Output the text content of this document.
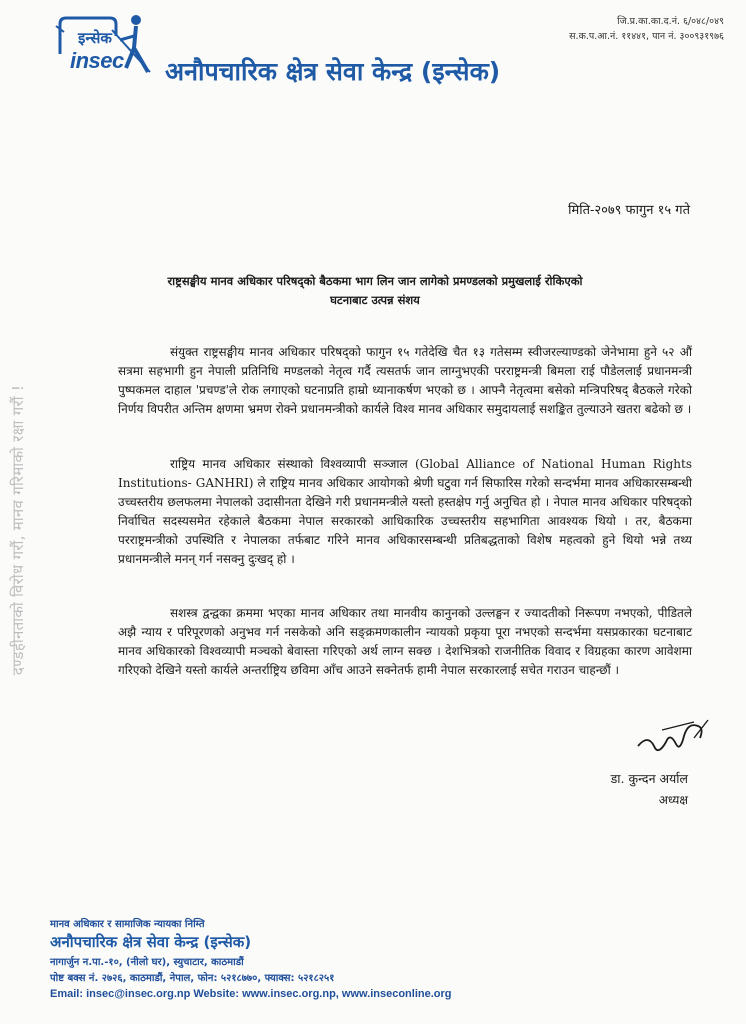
इन्सेक
insec अनौपचारिक क्षेत्र सेवा केन्द्र (इन्सेक)
जि.प्र.का.का.द.नं. ६/०४८/०४९
स.क.प.आ.नं. ११४४१, पान नं. ३००९३१९७६
दण्डहीनताको विरोध गरौं, मानव गरिमाको रक्षा गरौं !
मिति-२०७९ फागुन १५ गते
राष्ट्रसङ्घीय मानव अधिकार परिषद्को बैठकमा भाग लिन जान लागेको प्रमण्डलको प्रमुखलाई रोकिएको
घटनाबाट उत्पन्न संशय

संयुक्त राष्ट्रसङ्घीय मानव अधिकार परिषद्को फागुन १५ गतेदेखि चैत १३ गतेसम्म स्वीजरल्याण्डको जेनेभामा हुने ५२ औं सत्रमा सहभागी हुन नेपाली प्रतिनिधि मण्डलको नेतृत्व गर्दै त्यसतर्फ जान लाग्नुभएकी परराष्ट्रमन्त्री बिमला राई पौडेललाई प्रधानमन्त्री पुष्पकमल दाहाल 'प्रचण्ड'ले रोक लगाएको घटनाप्रति हाम्रो ध्यानाकर्षण भएको छ । आफ्नै नेतृत्वमा बसेको मन्त्रिपरिषद् बैठकले गरेको निर्णय विपरीत अन्तिम क्षणमा भ्रमण रोक्ने प्रधानमन्त्रीको कार्यले विश्व मानव अधिकार समुदायलाई सशङ्कित तुल्याउने खतरा बढेको छ ।

राष्ट्रिय मानव अधिकार संस्थाको विश्वव्यापी सञ्जाल (Global Alliance of National Human Rights Institutions- GANHRI) ले राष्ट्रिय मानव अधिकार आयोगको श्रेणी घटुवा गर्न सिफारिस गरेको सन्दर्भमा मानव अधिकारसम्बन्धी उच्चस्तरीय छलफलमा नेपालको उदासीनता देखिने गरी प्रधानमन्त्रीले यस्तो हस्तक्षेप गर्नु अनुचित हो । नेपाल मानव अधिकार परिषद्को निर्वाचित सदस्यसमेत रहेकाले बैठकमा नेपाल सरकारको आधिकारिक उच्चस्तरीय सहभागिता आवश्यक थियो । तर, बैठकमा परराष्ट्रमन्त्रीको उपस्थिति र नेपालका तर्फबाट गरिने मानव अधिकारसम्बन्धी प्रतिबद्धताको विशेष महत्वको हुने थियो भन्ने तथ्य प्रधानमन्त्रीले मनन् गर्न नसक्नु दुःखद् हो ।

सशस्त्र द्वन्द्वका क्रममा भएका मानव अधिकार तथा मानवीय कानुनको उल्लङ्घन र ज्यादतीको निरूपण नभएको, पीडितले अझै न्याय र परिपूरणको अनुभव गर्न नसकेको अनि सङ्क्रमणकालीन न्यायको प्रकृया पूरा नभएको सन्दर्भमा यसप्रकारका घटनाबाट मानव अधिकारको विश्वव्यापी मञ्चको बेवास्ता गरिएको अर्थ लाग्न सक्छ । देशभित्रको राजनीतिक विवाद र विग्रहका कारण आवेशमा गरिएको देखिने यस्तो कार्यले अन्तर्राष्ट्रिय छविमा आँच आउने सक्नेतर्फ हामी नेपाल सरकारलाई सचेत गराउन चाहन्छौं ।

डा. कुन्दन अर्याल
अध्यक्ष
मानव अधिकार र सामाजिक न्यायका निम्ति
अनौपचारिक क्षेत्र सेवा केन्द्र (इन्सेक)
नागार्जुन न.पा.-१०, (नीलो घर), स्युचाटार, काठमाडौं
पोष्ट बक्स नं. २७२६, काठमाडौं, नेपाल, फोन: ५२१८७७०, फ्याक्स: ५२१८२५१
Email: insec@insec.org.np Website: www.insec.org.np, www.inseconline.org
